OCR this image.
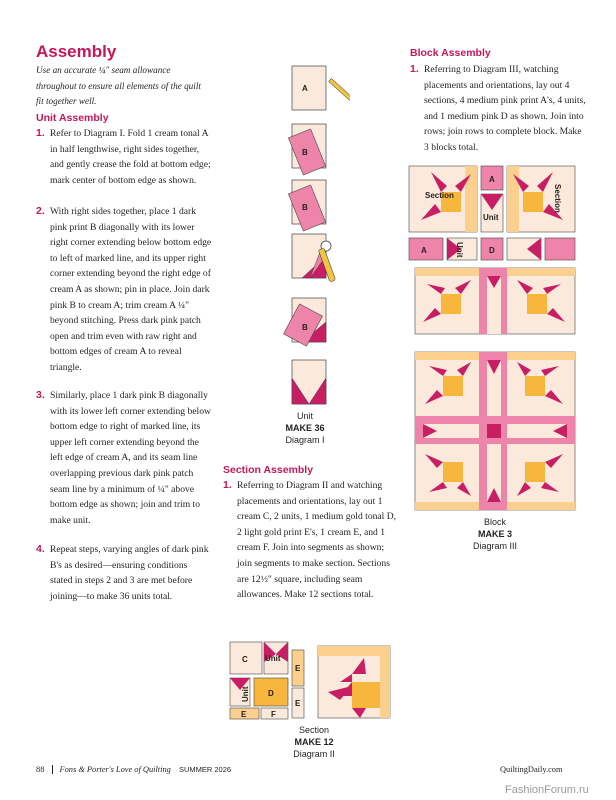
Assembly
Use an accurate ¼" seam allowance throughout to ensure all elements of the quilt fit together well.
Unit Assembly
1. Refer to Diagram I. Fold 1 cream tonal A in half lengthwise, right sides together, and gently crease the fold at bottom edge; mark center of bottom edge as shown.
2. With right sides together, place 1 dark pink print B diagonally with its lower right corner extending below bottom edge to left of marked line, and its upper right corner extending beyond the right edge of cream A as shown; pin in place. Join dark pink B to cream A; trim cream A ¼" beyond stitching. Press dark pink patch open and trim even with raw right and bottom edges of cream A to reveal triangle.
3. Similarly, place 1 dark pink B diagonally with its lower left corner extending below bottom edge to right of marked line, its upper left corner extending beyond the left edge of cream A, and its seam line overlapping previous dark pink patch seam line by a minimum of ¼" above bottom edge as shown; join and trim to make unit.
4. Repeat steps, varying angles of dark pink B's as desired—ensuring conditions stated in steps 2 and 3 are met before joining—to make 36 units total.
A
B
B
B
Unit
MAKE 36
Diagram I
Section Assembly
1. Referring to Diagram II and watching placements and orientations, lay out 1 cream C, 2 units, 1 medium gold tonal D, 2 light gold print E's, 1 cream E, and 1 cream F. Join into segments as shown; join segments to make section. Sections are 12½" square, including seam allowances. Make 12 sections total.
C Unit
Unit D
E	F
E
E
Section
MAKE 12
Diagram II
Block Assembly
1. Referring to Diagram III, watching placements and orientations, lay out 4 sections, 4 medium pink print A's, 4 units, and 1 medium pink D as shown. Join into rows; join rows to complete block. Make 3 blocks total.
Section
A
Unit
Section
A	Unit	D
Block
MAKE 3
Diagram III
88 Fons & Porter's Love of Quilting SUMMER 2026	QuiltingDaily.com
FashionForum.ru
